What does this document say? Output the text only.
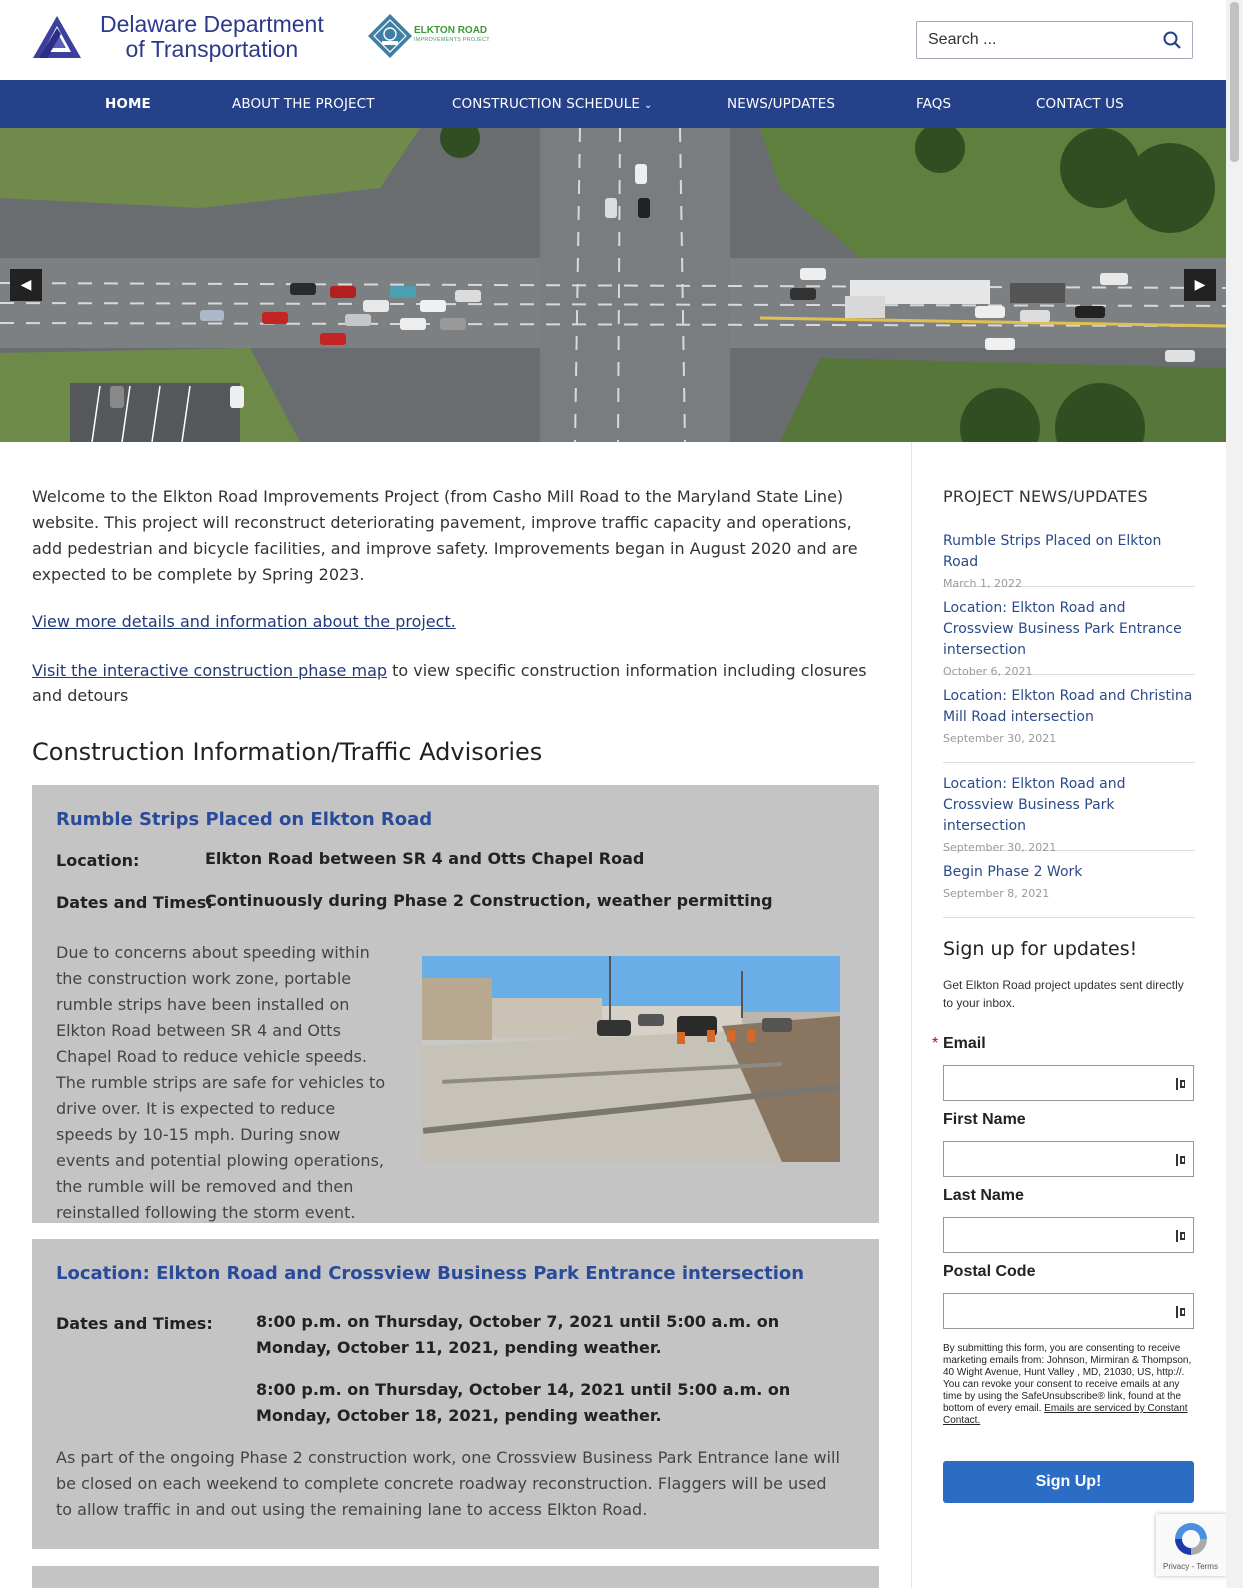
Delaware Department
of Transportation
ELKTON ROAD
IMPROVEMENTS PROJECT
Search ...
HOME	ABOUT THE PROJECT	CONSTRUCTION SCHEDULE ⌄	NEWS/UPDATES	FAQS	CONTACT US
◀	▶
Welcome to the Elkton Road Improvements Project (from Casho Mill Road to the Maryland State Line) website. This project will reconstruct deteriorating pavement, improve traffic capacity and operations, add pedestrian and bicycle facilities, and improve safety. Improvements began in August 2020 and are expected to be complete by Spring 2023.
View more details and information about the project.
Visit the interactive construction phase map to view specific construction information including closures and detours
Construction Information/Traffic Advisories
Rumble Strips Placed on Elkton Road
Location:	Elkton Road between SR 4 and Otts Chapel Road
Dates and Times:
Continuously during Phase 2 Construction, weather permitting
Due to concerns about speeding within the construction work zone, portable rumble strips have been installed on Elkton Road between SR 4 and Otts Chapel Road to reduce vehicle speeds. The rumble strips are safe for vehicles to drive over. It is expected to reduce speeds by 10-15 mph. During snow events and potential plowing operations, the rumble will be removed and then reinstalled following the storm event.
Location: Elkton Road and Crossview Business Park Entrance intersection
Dates and Times:	8:00 p.m. on Thursday, October 7, 2021 until 5:00 a.m. on Monday, October 11, 2021, pending weather.
8:00 p.m. on Thursday, October 14, 2021 until 5:00 a.m. on Monday, October 18, 2021, pending weather.
As part of the ongoing Phase 2 construction work, one Crossview Business Park Entrance lane will be closed on each weekend to complete concrete roadway reconstruction. Flaggers will be used to allow traffic in and out using the remaining lane to access Elkton Road.
PROJECT NEWS/UPDATES
Rumble Strips Placed on Elkton Road
March 1, 2022
Location: Elkton Road and Crossview Business Park Entrance intersection
October 6, 2021
Location: Elkton Road and Christina Mill Road intersection
September 30, 2021
Location: Elkton Road and Crossview Business Park intersection
September 30, 2021
Begin Phase 2 Work
September 8, 2021
Sign up for updates!
Get Elkton Road project updates sent directly to your inbox.
* Email
First Name
Last Name
Postal Code
By submitting this form, you are consenting to receive marketing emails from: Johnson, Mirmiran & Thompson, 40 Wight Avenue, Hunt Valley , MD, 21030, US, http://. You can revoke your consent to receive emails at any time by using the SafeUnsubscribe® link, found at the bottom of every email. Emails are serviced by Constant Contact.
Sign Up!
Privacy - Terms
